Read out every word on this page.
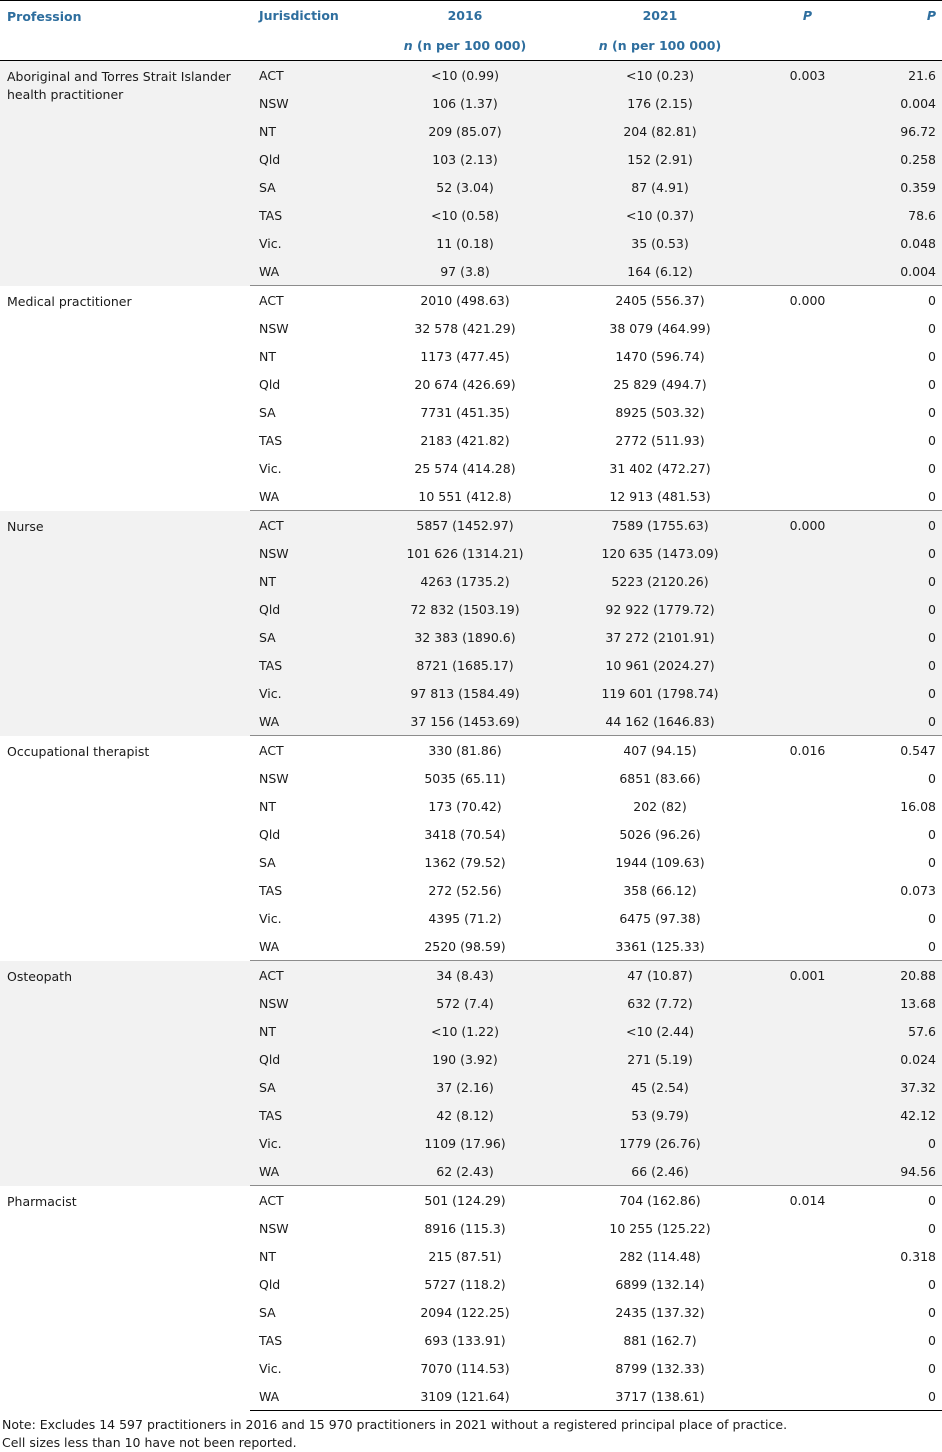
Profession	Jurisdiction	2016	2021	P	P
		n (n per 100 000)	n (n per 100 000)		
Aboriginal and Torres Strait Islander health practitioner	ACT	<10 (0.99)	<10 (0.23)	0.003	21.6
	NSW	106 (1.37)	176 (2.15)		0.004
	NT	209 (85.07)	204 (82.81)		96.72
	Qld	103 (2.13)	152 (2.91)		0.258
	SA	52 (3.04)	87 (4.91)		0.359
	TAS	<10 (0.58)	<10 (0.37)		78.6
	Vic.	11 (0.18)	35 (0.53)		0.048
	WA	97 (3.8)	164 (6.12)		0.004
Medical practitioner	ACT	2010 (498.63)	2405 (556.37)	0.000	0
	NSW	32 578 (421.29)	38 079 (464.99)		0
	NT	1173 (477.45)	1470 (596.74)		0
	Qld	20 674 (426.69)	25 829 (494.7)		0
	SA	7731 (451.35)	8925 (503.32)		0
	TAS	2183 (421.82)	2772 (511.93)		0
	Vic.	25 574 (414.28)	31 402 (472.27)		0
	WA	10 551 (412.8)	12 913 (481.53)		0
Nurse	ACT	5857 (1452.97)	7589 (1755.63)	0.000	0
	NSW	101 626 (1314.21)	120 635 (1473.09)		0
	NT	4263 (1735.2)	5223 (2120.26)		0
	Qld	72 832 (1503.19)	92 922 (1779.72)		0
	SA	32 383 (1890.6)	37 272 (2101.91)		0
	TAS	8721 (1685.17)	10 961 (2024.27)		0
	Vic.	97 813 (1584.49)	119 601 (1798.74)		0
	WA	37 156 (1453.69)	44 162 (1646.83)		0
Occupational therapist	ACT	330 (81.86)	407 (94.15)	0.016	0.547
	NSW	5035 (65.11)	6851 (83.66)		0
	NT	173 (70.42)	202 (82)		16.08
	Qld	3418 (70.54)	5026 (96.26)		0
	SA	1362 (79.52)	1944 (109.63)		0
	TAS	272 (52.56)	358 (66.12)		0.073
	Vic.	4395 (71.2)	6475 (97.38)		0
	WA	2520 (98.59)	3361 (125.33)		0
Osteopath	ACT	34 (8.43)	47 (10.87)	0.001	20.88
	NSW	572 (7.4)	632 (7.72)		13.68
	NT	<10 (1.22)	<10 (2.44)		57.6
	Qld	190 (3.92)	271 (5.19)		0.024
	SA	37 (2.16)	45 (2.54)		37.32
	TAS	42 (8.12)	53 (9.79)		42.12
	Vic.	1109 (17.96)	1779 (26.76)		0
	WA	62 (2.43)	66 (2.46)		94.56
Pharmacist	ACT	501 (124.29)	704 (162.86)	0.014	0
	NSW	8916 (115.3)	10 255 (125.22)		0
	NT	215 (87.51)	282 (114.48)		0.318
	Qld	5727 (118.2)	6899 (132.14)		0
	SA	2094 (122.25)	2435 (137.32)		0
	TAS	693 (133.91)	881 (162.7)		0
	Vic.	7070 (114.53)	8799 (132.33)		0
	WA	3109 (121.64)	3717 (138.61)		0
Note: Excludes 14 597 practitioners in 2016 and 15 970 practitioners in 2021 without a registered principal place of practice.
Cell sizes less than 10 have not been reported.
